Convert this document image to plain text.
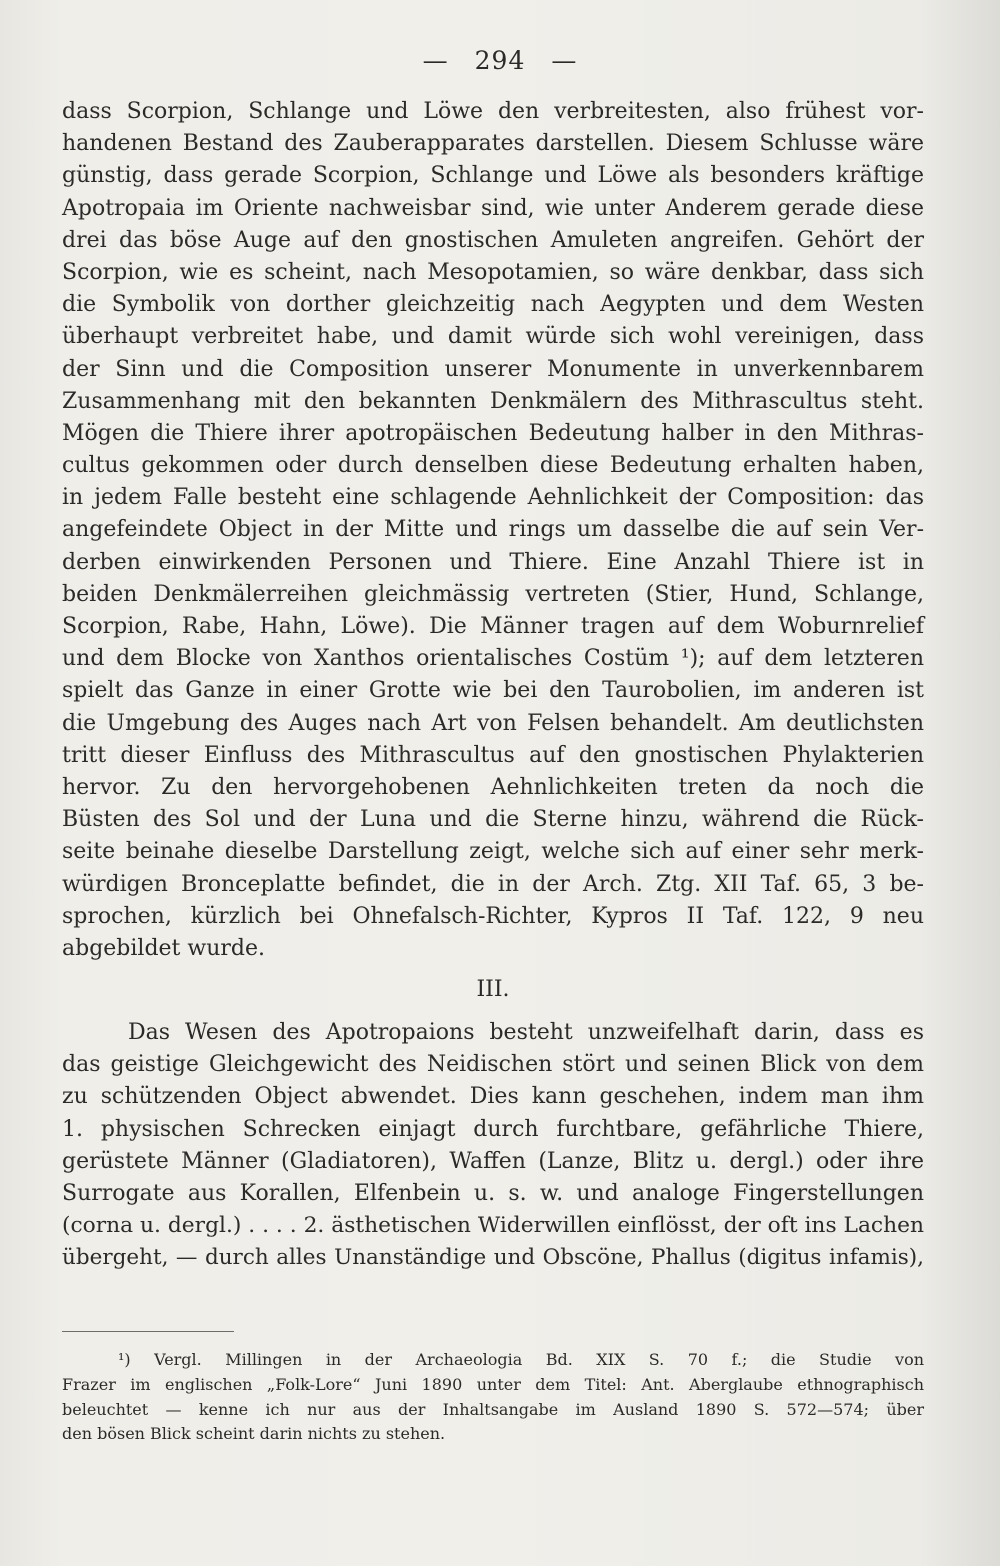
— 294 —
dass Scorpion, Schlange und Löwe den verbreitesten, also frühest vor-
handenen Bestand des Zauberapparates darstellen. Diesem Schlusse wäre
günstig, dass gerade Scorpion, Schlange und Löwe als besonders kräftige
Apotropaia im Oriente nachweisbar sind, wie unter Anderem gerade diese
drei das böse Auge auf den gnostischen Amuleten angreifen. Gehört der
Scorpion, wie es scheint, nach Mesopotamien, so wäre denkbar, dass sich
die Symbolik von dorther gleichzeitig nach Aegypten und dem Westen
überhaupt verbreitet habe, und damit würde sich wohl vereinigen, dass
der Sinn und die Composition unserer Monumente in unverkennbarem
Zusammenhang mit den bekannten Denkmälern des Mithrascultus steht.
Mögen die Thiere ihrer apotropäischen Bedeutung halber in den Mithras-
cultus gekommen oder durch denselben diese Bedeutung erhalten haben,
in jedem Falle besteht eine schlagende Aehnlichkeit der Composition: das
angefeindete Object in der Mitte und rings um dasselbe die auf sein Ver-
derben einwirkenden Personen und Thiere. Eine Anzahl Thiere ist in
beiden Denkmälerreihen gleichmässig vertreten (Stier, Hund, Schlange,
Scorpion, Rabe, Hahn, Löwe). Die Männer tragen auf dem Woburnrelief
und dem Blocke von Xanthos orientalisches Costüm ¹); auf dem letzteren
spielt das Ganze in einer Grotte wie bei den Taurobolien, im anderen ist
die Umgebung des Auges nach Art von Felsen behandelt. Am deutlichsten
tritt dieser Einfluss des Mithrascultus auf den gnostischen Phylakterien
hervor. Zu den hervorgehobenen Aehnlichkeiten treten da noch die
Büsten des Sol und der Luna und die Sterne hinzu, während die Rück-
seite beinahe dieselbe Darstellung zeigt, welche sich auf einer sehr merk-
würdigen Bronceplatte befindet, die in der Arch. Ztg. XII Taf. 65, 3 be-
sprochen, kürzlich bei Ohnefalsch-Richter, Kypros II Taf. 122, 9 neu
abgebildet wurde.
III.
Das Wesen des Apotropaions besteht unzweifelhaft darin, dass es
das geistige Gleichgewicht des Neidischen stört und seinen Blick von dem
zu schützenden Object abwendet. Dies kann geschehen, indem man ihm
1. physischen Schrecken einjagt durch furchtbare, gefährliche Thiere,
gerüstete Männer (Gladiatoren), Waffen (Lanze, Blitz u. dergl.) oder ihre
Surrogate aus Korallen, Elfenbein u. s. w. und analoge Fingerstellungen
(corna u. dergl.) . . . . 2. ästhetischen Widerwillen einflösst, der oft ins Lachen
übergeht, — durch alles Unanständige und Obscöne, Phallus (digitus infamis),
¹) Vergl. Millingen in der Archaeologia Bd. XIX S. 70 f.; die Studie von
Frazer im englischen „Folk-Lore“ Juni 1890 unter dem Titel: Ant. Aberglaube ethnographisch
beleuchtet — kenne ich nur aus der Inhaltsangabe im Ausland 1890 S. 572—574; über
den bösen Blick scheint darin nichts zu stehen.
